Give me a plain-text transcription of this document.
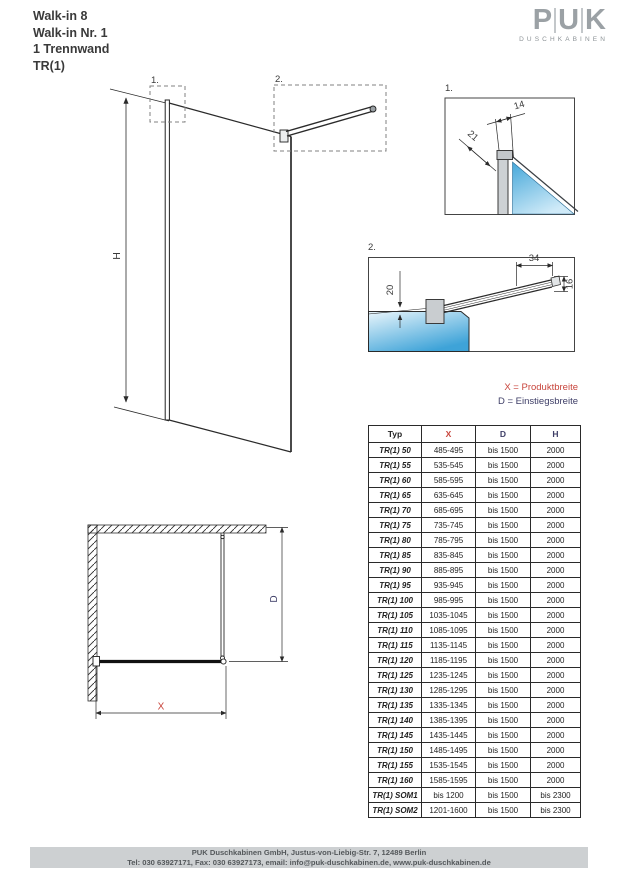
Walk-in 8
Walk-in Nr. 1
1 Trennwand
TR(1)
P U K
DUSCHKABINEN
H
1.	2.
1.
14
21
2.
20
34
16
D
X
X = Produktbreite
D = Einstiegsbreite
Typ	X	D	H
TR(1) 50	485-495	bis 1500	2000
TR(1) 55	535-545	bis 1500	2000
TR(1) 60	585-595	bis 1500	2000
TR(1) 65	635-645	bis 1500	2000
TR(1) 70	685-695	bis 1500	2000
TR(1) 75	735-745	bis 1500	2000
TR(1) 80	785-795	bis 1500	2000
TR(1) 85	835-845	bis 1500	2000
TR(1) 90	885-895	bis 1500	2000
TR(1) 95	935-945	bis 1500	2000
TR(1) 100	985-995	bis 1500	2000
TR(1) 105	1035-1045	bis 1500	2000
TR(1) 110	1085-1095	bis 1500	2000
TR(1) 115	1135-1145	bis 1500	2000
TR(1) 120	1185-1195	bis 1500	2000
TR(1) 125	1235-1245	bis 1500	2000
TR(1) 130	1285-1295	bis 1500	2000
TR(1) 135	1335-1345	bis 1500	2000
TR(1) 140	1385-1395	bis 1500	2000
TR(1) 145	1435-1445	bis 1500	2000
TR(1) 150	1485-1495	bis 1500	2000
TR(1) 155	1535-1545	bis 1500	2000
TR(1) 160	1585-1595	bis 1500	2000
TR(1) SOM1	bis 1200	bis 1500	bis 2300
TR(1) SOM2	1201-1600	bis 1500	bis 2300
PUK Duschkabinen GmbH, Justus-von-Liebig-Str. 7, 12489 Berlin
Tel: 030 63927171, Fax: 030 63927173, email: info@puk-duschkabinen.de, www.puk-duschkabinen.de
